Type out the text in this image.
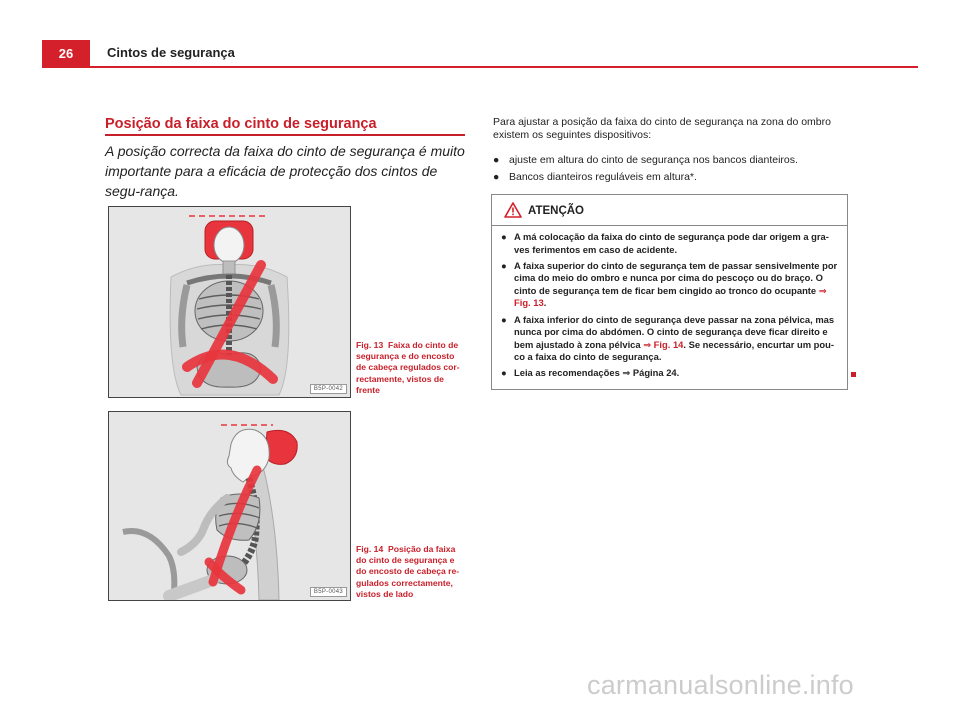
26	Cintos de segurança
Posição da faixa do cinto de segurança
A posição correcta da faixa do cinto de segurança é muito importante para a eficácia de protecção dos cintos de segu-rança.
B5P-0042
Fig. 13 Faixa do cinto de segurança e do encosto de cabeça regulados cor-rectamente, vistos de frente
B5P-0043
Fig. 14 Posição da faixa do cinto de segurança e do encosto de cabeça re-gulados correctamente, vistos de lado
Para ajustar a posição da faixa do cinto de segurança na zona do ombro existem os seguintes dispositivos:
● ajuste em altura do cinto de segurança nos bancos dianteiros.
● Bancos dianteiros reguláveis em altura*.
ATENÇÃO
● A má colocação da faixa do cinto de segurança pode dar origem a gra-ves ferimentos em caso de acidente.
● A faixa superior do cinto de segurança tem de passar sensivelmente por cima do meio do ombro e nunca por cima do pescoço ou do braço. O cinto de segurança tem de ficar bem cingido ao tronco do ocupante ⇒ Fig. 13.
● A faixa inferior do cinto de segurança deve passar na zona pélvica, mas nunca por cima do abdómen. O cinto de segurança deve ficar direito e bem ajustado à zona pélvica ⇒ Fig. 14. Se necessário, encurtar um pou-co a faixa do cinto de segurança.
● Leia as recomendações ⇒ Página 24.
carmanualsonline.info
